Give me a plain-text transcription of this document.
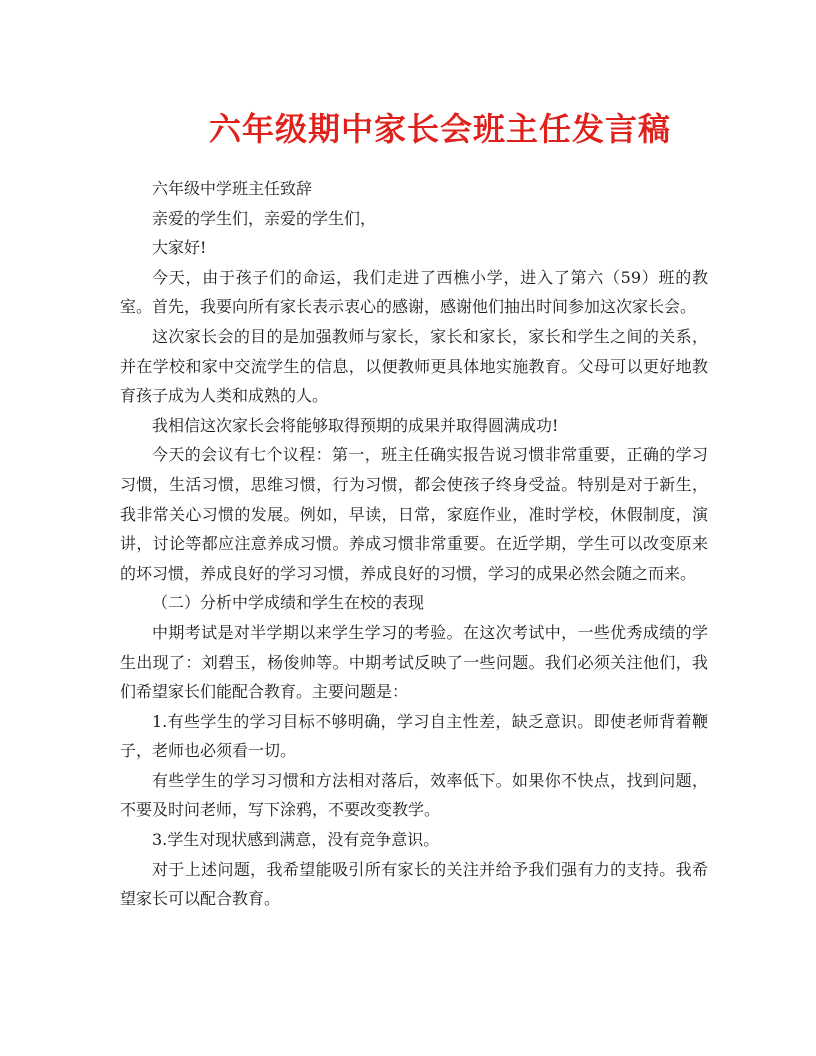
六年级期中家长会班主任发言稿

六年级中学班主任致辞

亲爱的学生们，亲爱的学生们，

大家好!

今天，由于孩子们的命运，我们走进了西樵小学，进入了第六（59）班的教室。首先，我要向所有家长表示衷心的感谢，感谢他们抽出时间参加这次家长会。

这次家长会的目的是加强教师与家长，家长和家长，家长和学生之间的关系，并在学校和家中交流学生的信息，以便教师更具体地实施教育。父母可以更好地教育孩子成为人类和成熟的人。

我相信这次家长会将能够取得预期的成果并取得圆满成功!

今天的会议有七个议程：第一，班主任确实报告说习惯非常重要，正确的学习习惯，生活习惯，思维习惯，行为习惯，都会使孩子终身受益。特别是对于新生，我非常关心习惯的发展。例如，早读，日常，家庭作业，准时学校，休假制度，演讲，讨论等都应注意养成习惯。养成习惯非常重要。在近学期，学生可以改变原来的坏习惯，养成良好的学习习惯，养成良好的习惯，学习的成果必然会随之而来。

（二）分析中学成绩和学生在校的表现

中期考试是对半学期以来学生学习的考验。在这次考试中，一些优秀成绩的学生出现了：刘碧玉，杨俊帅等。中期考试反映了一些问题。我们必须关注他们，我们希望家长们能配合教育。主要问题是：

1.有些学生的学习目标不够明确，学习自主性差，缺乏意识。即使老师背着鞭子，老师也必须看一切。

有些学生的学习习惯和方法相对落后，效率低下。如果你不快点，找到问题，不要及时问老师，写下涂鸦，不要改变教学。

3.学生对现状感到满意，没有竞争意识。

对于上述问题，我希望能吸引所有家长的关注并给予我们强有力的支持。我希望家长可以配合教育。
